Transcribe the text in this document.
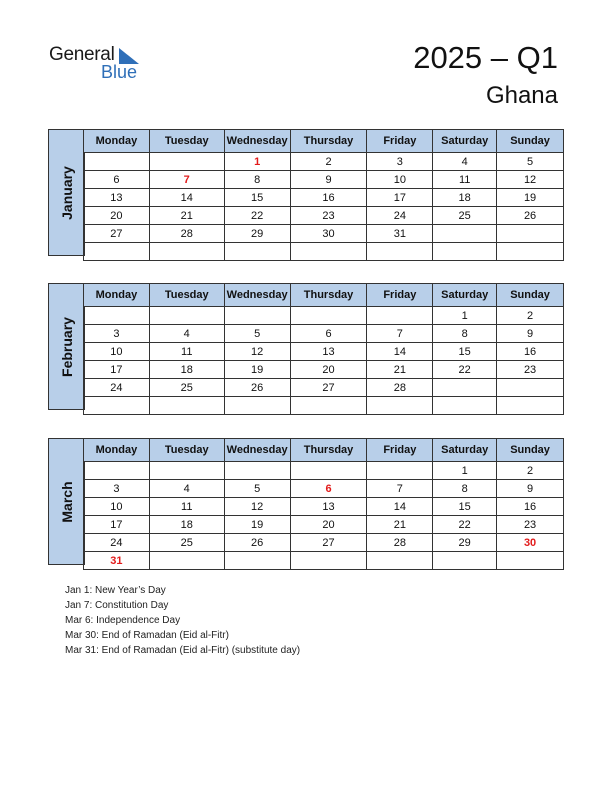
General
Blue	2025 – Q1
Ghana
January
Monday	Tuesday	Wednesday	Thursday	Friday	Saturday	Sunday
		1	2	3	4	5
6	7	8	9	10	11	12
13	14	15	16	17	18	19
20	21	22	23	24	25	26
27	28	29	30	31		

February
Monday	Tuesday	Wednesday	Thursday	Friday	Saturday	Sunday
					1	2
3	4	5	6	7	8	9
10	11	12	13	14	15	16
17	18	19	20	21	22	23
24	25	26	27	28		

March
Monday	Tuesday	Wednesday	Thursday	Friday	Saturday	Sunday
					1	2
3	4	5	6	7	8	9
10	11	12	13	14	15	16
17	18	19	20	21	22	23
24	25	26	27	28	29	30
31						
Jan 1: New Year’s Day
Jan 7: Constitution Day
Mar 6: Independence Day
Mar 30: End of Ramadan (Eid al-Fitr)
Mar 31: End of Ramadan (Eid al-Fitr) (substitute day)
